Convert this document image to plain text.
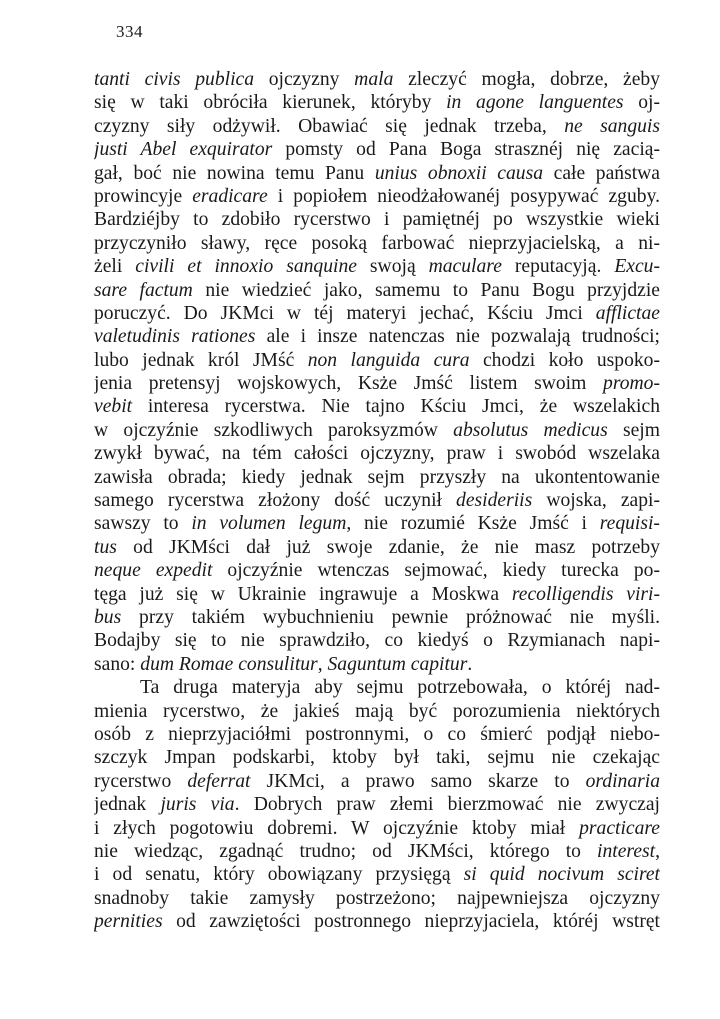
334
tanti civis publica ojczyzny mala zleczyć mogła, dobrze, żeby
się w taki obróciła kierunek, któryby in agone languentes oj-
czyzny siły odżywił. Obawiać się jednak trzeba, ne sanguis
justi Abel exquirator pomsty od Pana Boga strasznéj nię zacią-
gał, boć nie nowina temu Panu unius obnoxii causa całe państwa
prowincyje eradicare i popiołem nieodżałowanéj posypywać zguby.
Bardziéjby to zdobiło rycerstwo i pamiętnéj po wszystkie wieki
przyczyniło sławy, ręce posoką farbować nieprzyjacielską, a ni-
żeli civili et innoxio sanquine swoją maculare reputacyją. Excu-
sare factum nie wiedzieć jako, samemu to Panu Bogu przyjdzie
poruczyć. Do JKMci w téj materyi jechać, Kściu Jmci afflictae
valetudinis rationes ale i insze natenczas nie pozwalają trudności;
lubo jednak król JMść non languida cura chodzi koło uspoko-
jenia pretensyj wojskowych, Ksże Jmść listem swoim promo-
vebit interesa rycerstwa. Nie tajno Kściu Jmci, że wszelakich
w ojczyźnie szkodliwych paroksyzmów absolutus medicus sejm
zwykł bywać, na tém całości ojczyzny, praw i swobód wszelaka
zawisła obrada; kiedy jednak sejm przyszły na ukontentowanie
samego rycerstwa złożony dość uczynił desideriis wojska, zapi-
sawszy to in volumen legum, nie rozumié Ksże Jmść i requisi-
tus od JKMści dał już swoje zdanie, że nie masz potrzeby
neque expedit ojczyźnie wtenczas sejmować, kiedy turecka po-
tęga już się w Ukrainie ingrawuje a Moskwa recolligendis viri-
bus przy takiém wybuchnieniu pewnie próżnować nie myśli.
Bodajby się to nie sprawdziło, co kiedyś o Rzymianach napi-
sano: dum Romae consulitur, Saguntum capitur.
Ta druga materyja aby sejmu potrzebowała, o któréj nad-
mienia rycerstwo, że jakieś mają być porozumienia niektórych
osób z nieprzyjaciółmi postronnymi, o co śmierć podjął niebo-
szczyk Jmpan podskarbi, ktoby był taki, sejmu nie czekając
rycerstwo deferrat JKMci, a prawo samo skarze to ordinaria
jednak juris via. Dobrych praw złemi bierzmować nie zwyczaj
i złych pogotowiu dobremi. W ojczyźnie ktoby miał practicare
nie wiedząc, zgadnąć trudno; od JKMści, którego to interest,
i od senatu, który obowiązany przysięgą si quid nocivum sciret
snadnoby takie zamysły postrzeżono; najpewniejsza ojczyzny
pernities od zawziętości postronnego nieprzyjaciela, któréj wstręt
